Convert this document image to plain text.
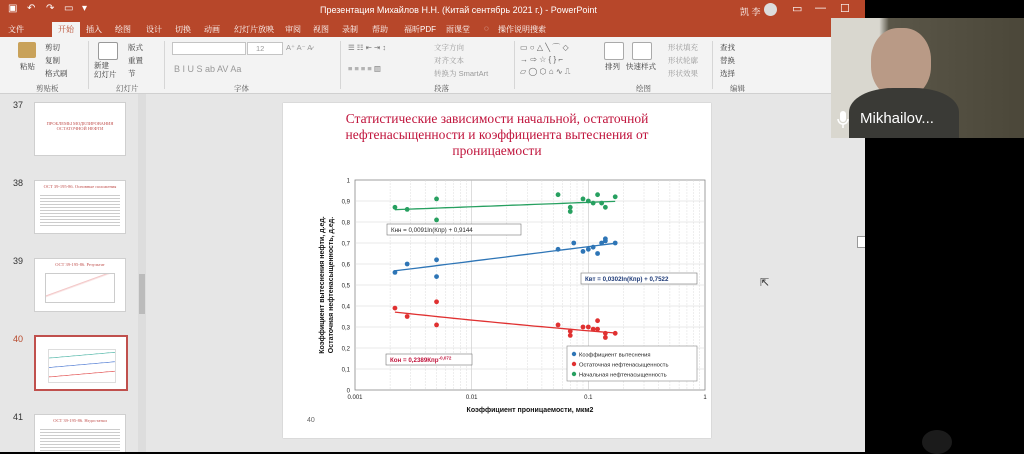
▣ ↶ ↷ ▭ ▾	Презентация Михайлов Н.Н. (Китай сентябрь 2021 г.) - PowerPoint	凯 李	▭ — ☐
文件	开始	插入 绘图 设计 切换 动画 幻灯片放映 审阅 视图 录制 帮助 福昕PDF 雨课堂 ◌ 操作说明搜索
粘贴
剪切
复制
格式刷
剪贴板
新建
幻灯片
版式
重置
节
幻灯片
12	A⁺ A⁻ A̷
B I U S ab AV Aa
字体
☰ ☷ ⇤ ⇥ ↕
≡ ≡ ≡ ≡ ▥
文字方向
对齐文本
转换为 SmartArt
段落
▭ ○ △ ╲ ⌒ ◇
→ ⇨ ☆ { } ⌐
▱ ◯ ⬡ ⌂ ∿ ⎍
排列 快速样式
形状填充
形状轮廓
形状效果
绘图
查找
替换
选择
编辑
37
ПРОБЛЕМЫ МОДЕЛИРОВАНИЯ ОСТАТОЧНОЙ НЕФТИ
38	ОСТ 39-195-86. Основные положения
39	ОСТ 39-195-86. Результат
40
41	ОСТ 39-195-86. Недостатки
Статистические зависимости начальной, остаточной нефтенасыщенности и коэффициента вытеснения от проницаемости
0
0,1
0,2
0,3
0,4
0,5
0,6
0,7
0,8
0,9
1
0.001	0.01	0.1	1
Коэффициент проницаемости, мкм2
Коэффициент вытеснения нефти, д.ед. Остаточная нефтенасыщенность, д.ед.	Кнн = 0,0091ln(Кпр) + 0,9144
Квт = 0,0302ln(Кпр) + 0,7522
Кон = 0,2389Кпр$^{-0,072}$	Коэффициент вытеснения
Остаточная нефтенасыщенность
Начальная нефтенасыщенность
40
⇱
Mikhailov...
